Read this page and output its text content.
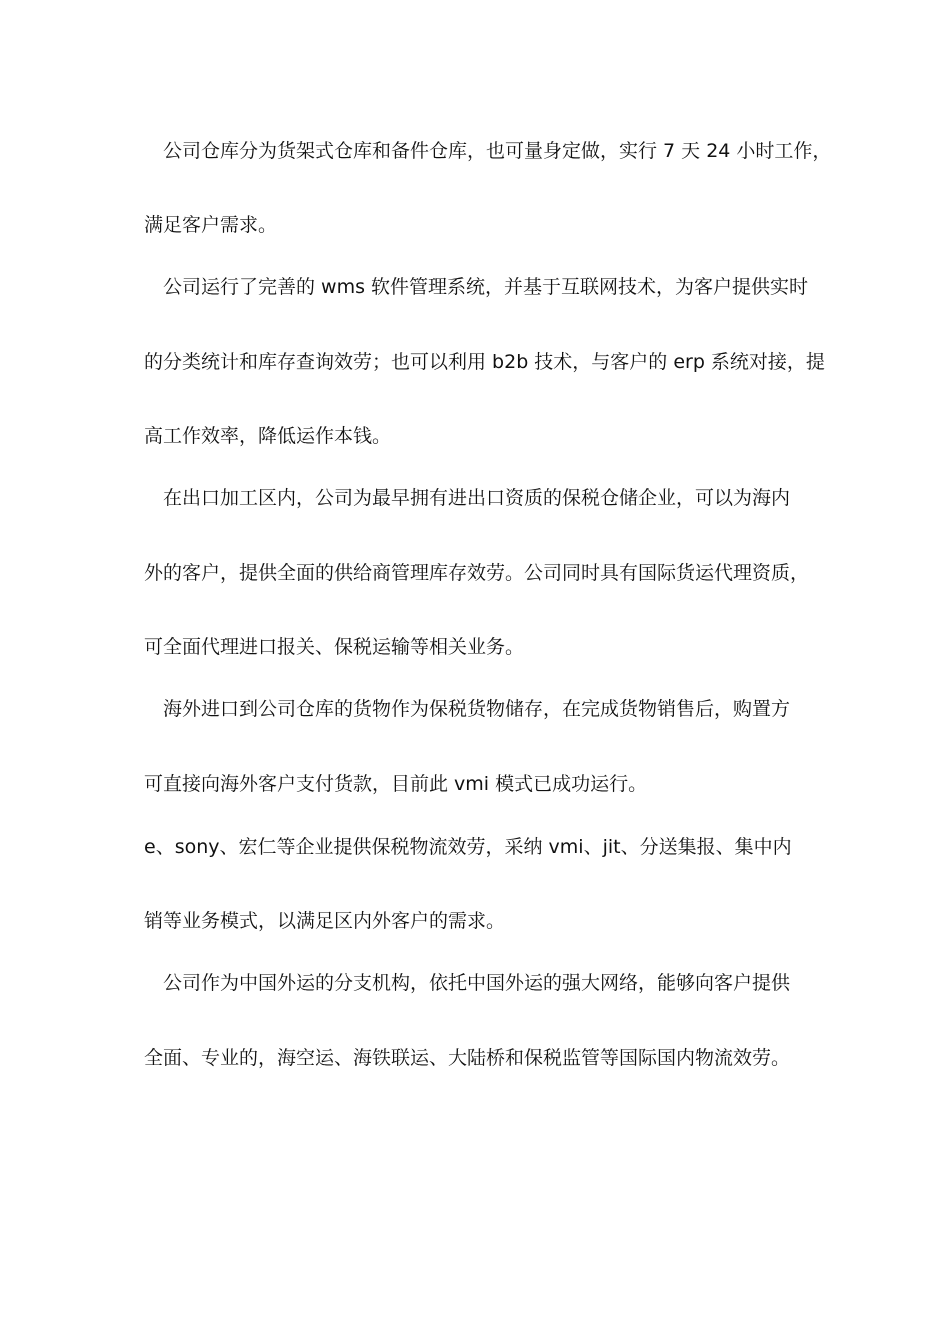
公司仓库分为货架式仓库和备件仓库，也可量身定做，实行 7 天 24 小时工作，
满足客户需求。
公司运行了完善的 wms 软件管理系统，并基于互联网技术，为客户提供实时
的分类统计和库存查询效劳；也可以利用 b2b 技术，与客户的 erp 系统对接，提
高工作效率，降低运作本钱。
在出口加工区内，公司为最早拥有进出口资质的保税仓储企业，可以为海内
外的客户，提供全面的供给商管理库存效劳。公司同时具有国际货运代理资质，
可全面代理进口报关、保税运输等相关业务。
海外进口到公司仓库的货物作为保税货物储存，在完成货物销售后，购置方
可直接向海外客户支付货款，目前此 vmi 模式已成功运行。
e、sony、宏仁等企业提供保税物流效劳，采纳 vmi、jit、分送集报、集中内
销等业务模式，以满足区内外客户的需求。
公司作为中国外运的分支机构，依托中国外运的强大网络，能够向客户提供
全面、专业的，海空运、海铁联运、大陆桥和保税监管等国际国内物流效劳。
